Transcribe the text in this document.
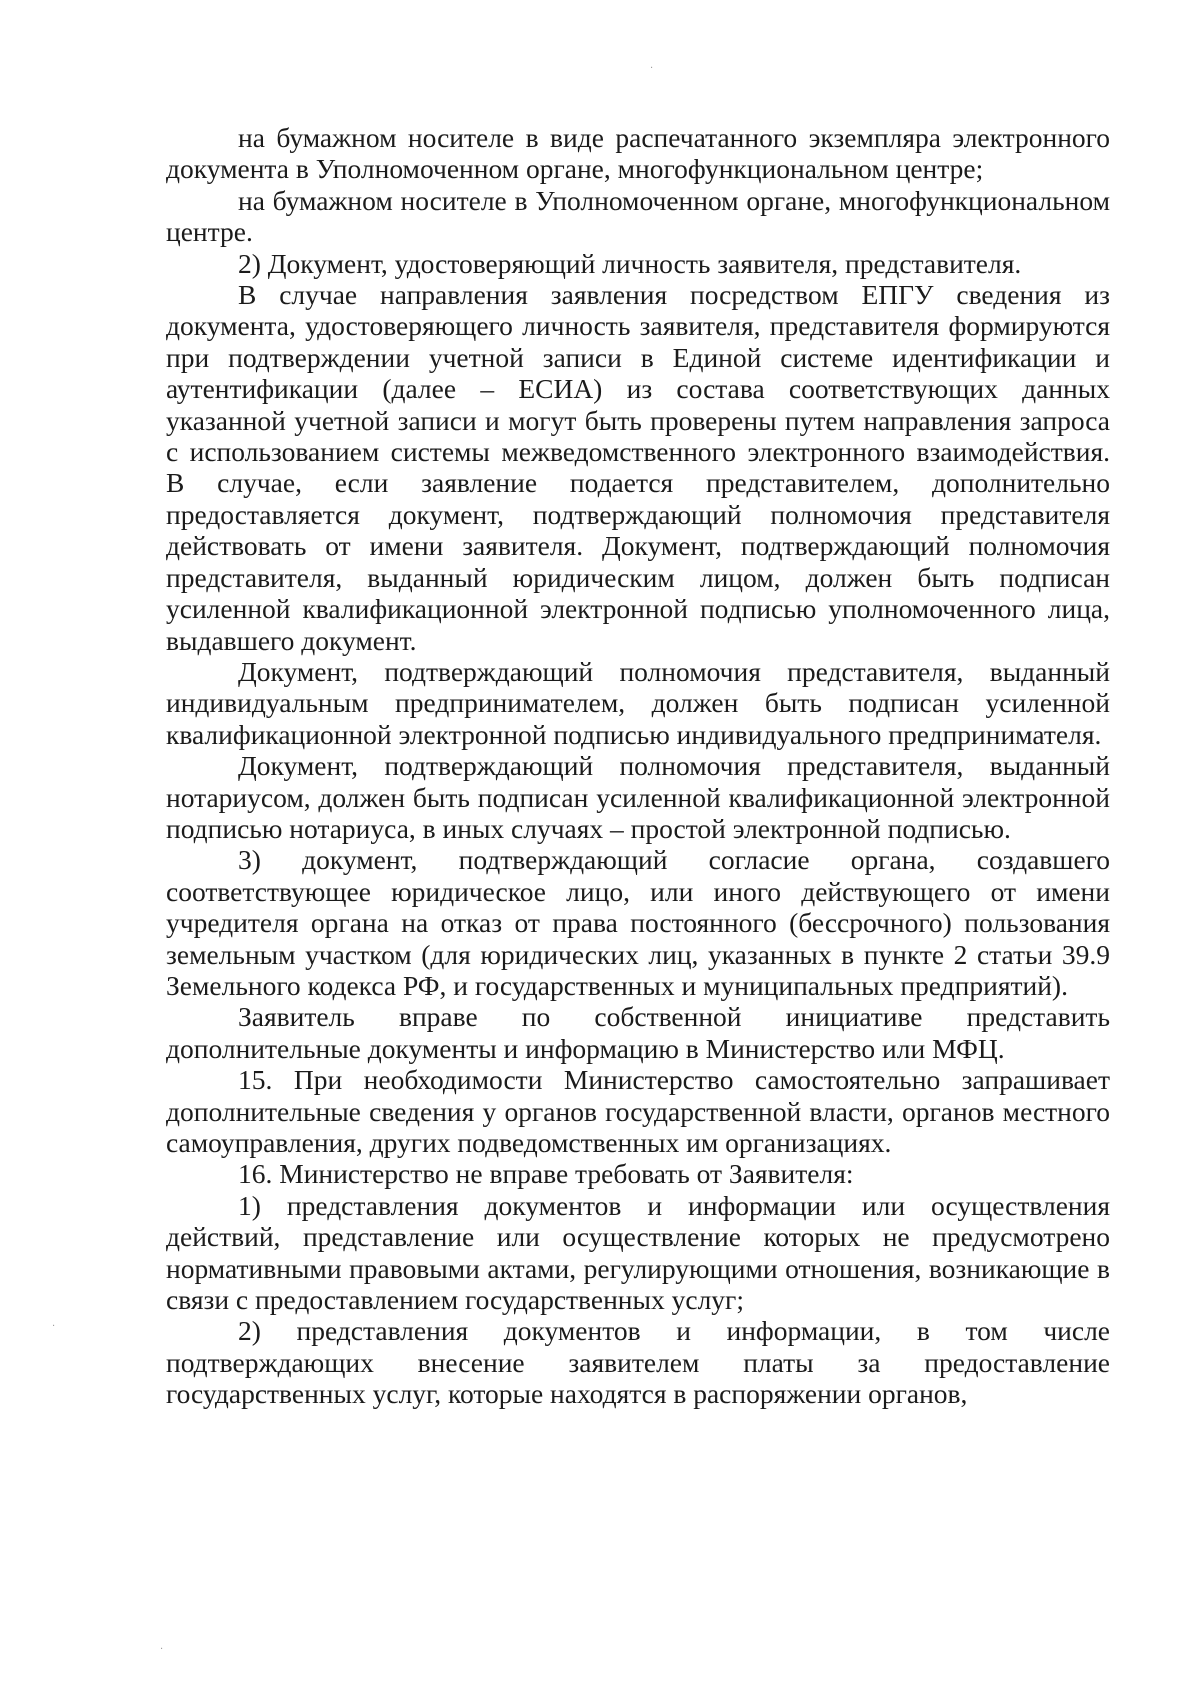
·
·
·

на бумажном носителе в виде распечатанного экземпляра электронного документа в Уполномоченном органе, многофункциональном центре;

на бумажном носителе в Уполномоченном органе, многофункциональном центре.

2) Документ, удостоверяющий личность заявителя, представителя.

В случае направления заявления посредством ЕПГУ сведения из документа, удостоверяющего личность заявителя, представителя формируются при подтверждении учетной записи в Единой системе идентификации и аутентификации (далее – ЕСИА) из состава соответствующих данных указанной учетной записи и могут быть проверены путем направления запроса с использованием системы межведомственного электронного взаимодействия. В случае, если заявление подается представителем, дополнительно предоставляется документ, подтверждающий полномочия представителя действовать от имени заявителя. Документ, подтверждающий полномочия представителя, выданный юридическим лицом, должен быть подписан усиленной квалификационной электронной подписью уполномоченного лица, выдавшего документ.

Документ, подтверждающий полномочия представителя, выданный индивидуальным предпринимателем, должен быть подписан усиленной квалификационной электронной подписью индивидуального предпринимателя.

Документ, подтверждающий полномочия представителя, выданный нотариусом, должен быть подписан усиленной квалификационной электронной подписью нотариуса, в иных случаях – простой электронной подписью.

3) документ, подтверждающий согласие органа, создавшего соответствующее юридическое лицо, или иного действующего от имени учредителя органа на отказ от права постоянного (бессрочного) пользования земельным участком (для юридических лиц, указанных в пункте 2 статьи 39.9 Земельного кодекса РФ, и государственных и муниципальных предприятий).

Заявитель вправе по собственной инициативе представить дополнительные документы и информацию в Министерство или МФЦ.

15. При необходимости Министерство самостоятельно запрашивает дополнительные сведения у органов государственной власти, органов местного самоуправления, других подведомственных им организациях.

16. Министерство не вправе требовать от Заявителя:

1) представления документов и информации или осуществления действий, представление или осуществление которых не предусмотрено нормативными правовыми актами, регулирующими отношения, возникающие в связи с предоставлением государственных услуг;

2) представления документов и информации, в том числе подтверждающих внесение заявителем платы за предоставление государственных услуг, которые находятся в распоряжении органов,
